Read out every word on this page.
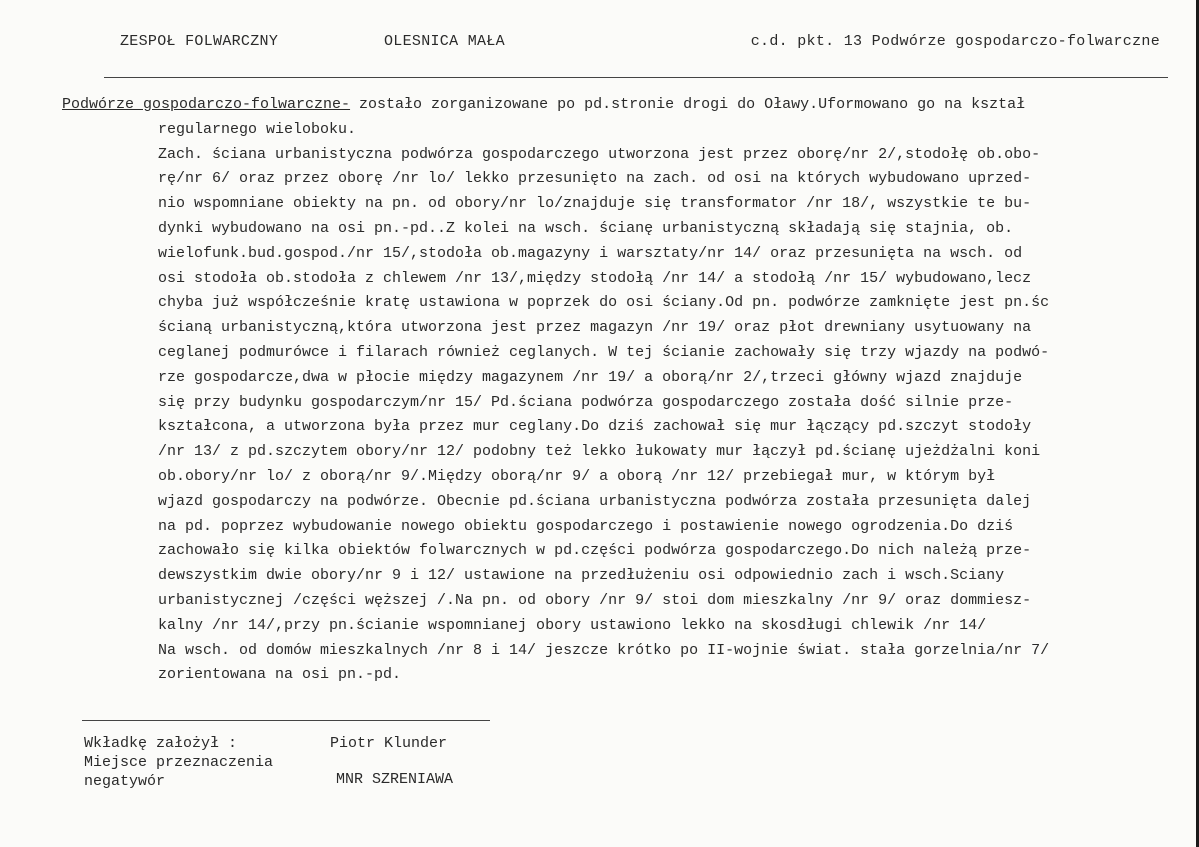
ZESPOŁ FOLWARCZNY	OLESNICA MAŁA	c.d. pkt. 13 Podwórze gospodarczo-folwarczne
Podwórze gospodarczo-folwarczne- zostało zorganizowane po pd.stronie drogi do Oławy.Uformowano go na kształ
regularnego wieloboku.
Zach. ściana urbanistyczna podwórza gospodarczego utworzona jest przez oborę/nr 2/,stodołę ob.obo-
rę/nr 6/ oraz przez oborę /nr lo/ lekko przesunięto na zach. od osi na których wybudowano uprzed-
nio wspomniane obiekty na pn. od obory/nr lo/znajduje się transformator /nr 18/, wszystkie te bu-
dynki wybudowano na osi pn.-pd..Z kolei na wsch. ścianę urbanistyczną składają się stajnia, ob.
wielofunk.bud.gospod./nr 15/,stodoła ob.magazyny i warsztaty/nr 14/ oraz przesunięta na wsch. od
osi stodoła ob.stodoła z chlewem /nr 13/,między stodołą /nr 14/ a stodołą /nr 15/ wybudowano,lecz
chyba już współcześnie kratę ustawiona w poprzek do osi ściany.Od pn. podwórze zamknięte jest pn.śc
ścianą urbanistyczną,która utworzona jest przez magazyn /nr 19/ oraz płot drewniany usytuowany na
ceglanej podmurówce i filarach również ceglanych. W tej ścianie zachowały się trzy wjazdy na podwó-
rze gospodarcze,dwa w płocie między magazynem /nr 19/ a oborą/nr 2/,trzeci główny wjazd znajduje
się przy budynku gospodarczym/nr 15/ Pd.ściana podwórza gospodarczego została dość silnie prze-
kształcona, a utworzona była przez mur ceglany.Do dziś zachował się mur łączący pd.szczyt stodoły
/nr 13/ z pd.szczytem obory/nr 12/ podobny też lekko łukowaty mur łączył pd.ścianę ujeżdżalni koni
ob.obory/nr lo/ z oborą/nr 9/.Między oborą/nr 9/ a oborą /nr 12/ przebiegał mur, w którym był
wjazd gospodarczy na podwórze. Obecnie pd.ściana urbanistyczna podwórza została przesunięta dalej
na pd. poprzez wybudowanie nowego obiektu gospodarczego i postawienie nowego ogrodzenia.Do dziś
zachowało się kilka obiektów folwarcznych w pd.części podwórza gospodarczego.Do nich należą prze-
dewszystkim dwie obory/nr 9 i 12/ ustawione na przedłużeniu osi odpowiednio zach i wsch.Sciany
urbanistycznej /części węższej /.Na pn. od obory /nr 9/ stoi dom mieszkalny /nr 9/ oraz dommiesz-
kalny /nr 14/,przy pn.ścianie wspomnianej obory ustawiono lekko na skosdługi chlewik /nr 14/
Na wsch. od domów mieszkalnych /nr 8 i 14/ jeszcze krótko po II-wojnie świat. stała gorzelnia/nr 7/
zorientowana na osi pn.-pd.
Wkładkę założył :	Piotr Klunder
Miejsce przeznaczenia
negatywór	MNR SZRENIAWA
